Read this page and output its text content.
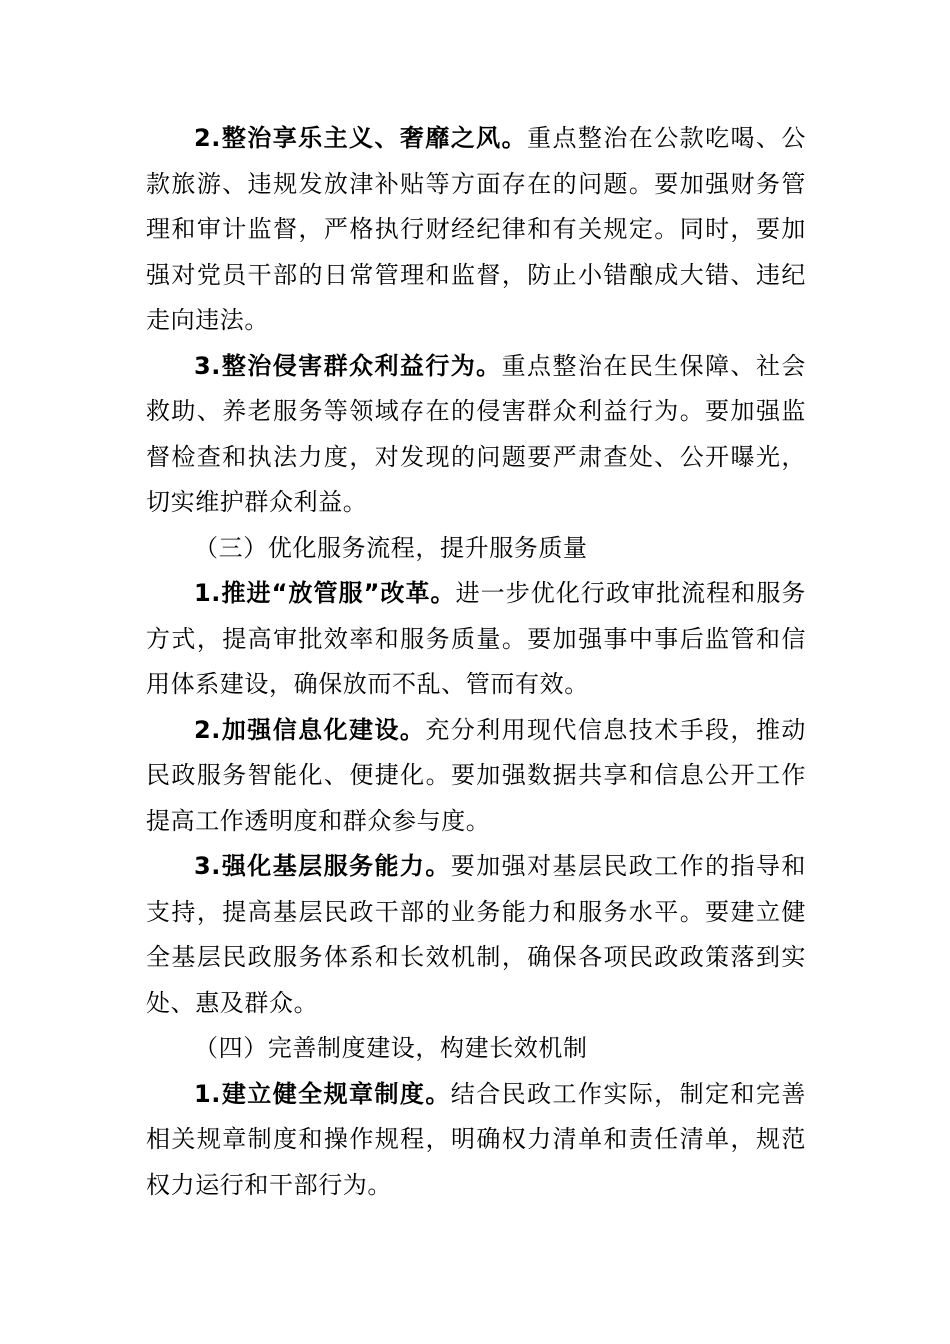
2.整治享乐主义、奢靡之风。重点整治在公款吃喝、公款旅游、违规发放津补贴等方面存在的问题。要加强财务管理和审计监督，严格执行财经纪律和有关规定。同时，要加强对党员干部的日常管理和监督，防止小错酿成大错、违纪走向违法。

3.整治侵害群众利益行为。重点整治在民生保障、社会救助、养老服务等领域存在的侵害群众利益行为。要加强监督检查和执法力度，对发现的问题要严肃查处、公开曝光，切实维护群众利益。

（三）优化服务流程，提升服务质量

1.推进“放管服”改革。进一步优化行政审批流程和服务方式，提高审批效率和服务质量。要加强事中事后监管和信用体系建设，确保放而不乱、管而有效。

2.加强信息化建设。充分利用现代信息技术手段，推动民政服务智能化、便捷化。要加强数据共享和信息公开工作提高工作透明度和群众参与度。

3.强化基层服务能力。要加强对基层民政工作的指导和支持，提高基层民政干部的业务能力和服务水平。要建立健全基层民政服务体系和长效机制，确保各项民政政策落到实处、惠及群众。

（四）完善制度建设，构建长效机制

1.建立健全规章制度。结合民政工作实际，制定和完善相关规章制度和操作规程，明确权力清单和责任清单，规范权力运行和干部行为。
